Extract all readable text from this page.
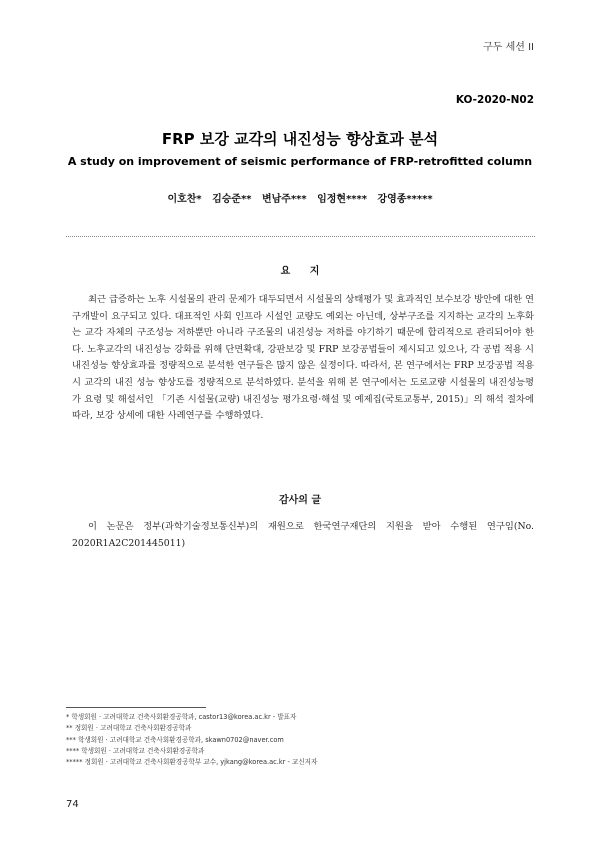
구두 세션 II
KO-2020-N02
FRP 보강 교각의 내진성능 향상효과 분석
A study on improvement of seismic performance of FRP-retrofitted column
이호찬*   김승준**   변남주***   임정현****   강영종*****
요 지
최근 급증하는 노후 시설물의 관리 문제가 대두되면서 시설물의 상태평가 및 효과적인 보수보강 방안에 대한 연구개발이 요구되고 있다. 대표적인 사회 인프라 시설인 교량도 예외는 아닌데, 상부구조를 지지하는 교각의 노후화는 교각 자체의 구조성능 저하뿐만 아니라 구조물의 내진성능 저하를 야기하기 때문에 합리적으로 관리되어야 한다. 노후교각의 내진성능 강화를 위해 단면확대, 강판보강 및 FRP 보강공법들이 제시되고 있으나, 각 공법 적용 시 내진성능 향상효과를 정량적으로 분석한 연구들은 많지 않은 실정이다. 따라서, 본 연구에서는 FRP 보강공법 적용 시 교각의 내진 성능 향상도를 정량적으로 분석하였다. 분석을 위해 본 연구에서는 도로교량 시설물의 내진성능평가 요령 및 해설서인 「기존 시설물(교량) 내진성능 평가요령·해설 및 예제집(국토교통부, 2015)」의 해석 절차에 따라, 보강 상세에 대한 사례연구를 수행하였다.
감사의 글
이 논문은 정부(과학기술정보통신부)의 재원으로 한국연구재단의 지원을 받아 수행된 연구임(No. 2020R1A2C201445011)
* 학생회원 · 고려대학교 건축사회환경공학과, castor13@korea.ac.kr - 발표자
** 정회원 · 고려대학교 건축사회환경공학과
*** 학생회원 · 고려대학교 건축사회환경공학과, skawn0702@naver.com
**** 학생회원 · 고려대학교 건축사회환경공학과
***** 정회원 · 고려대학교 건축사회환경공학부 교수, yjkang@korea.ac.kr - 교신저자
74
